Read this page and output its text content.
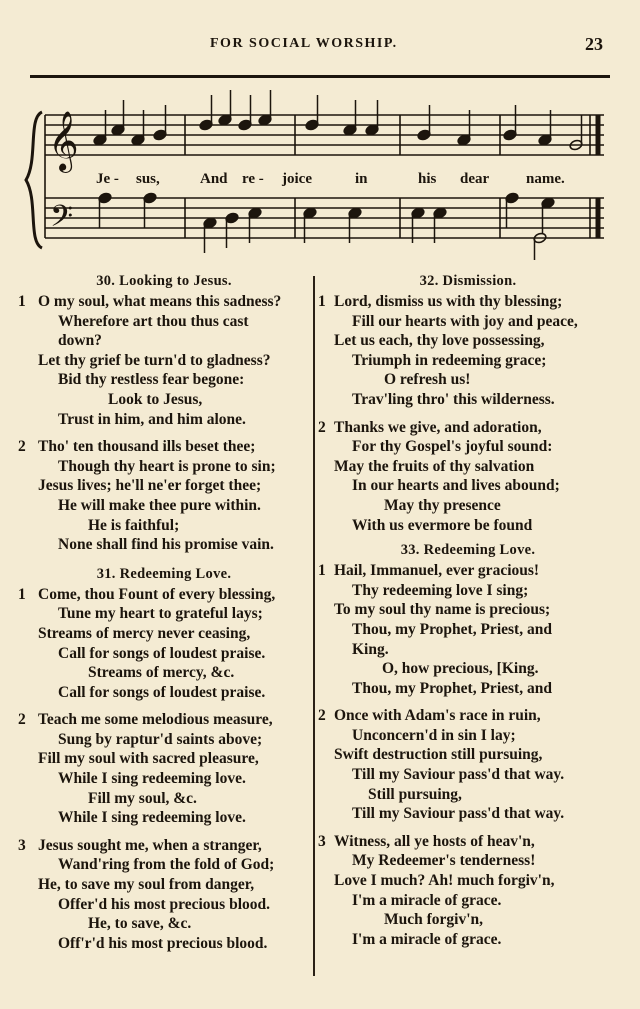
FOR SOCIAL WORSHIP.	23
𝄞
𝄢
Je - sus,	And re - joice	in	his dear name.
30. Looking to Jesus.
1 O my soul, what means this sadness?
Wherefore art thou thus cast
down?
Let thy grief be turn'd to gladness?
Bid thy restless fear begone:
Look to Jesus,
Trust in him, and him alone.
2 Tho' ten thousand ills beset thee;
Though thy heart is prone to sin;
Jesus lives; he'll ne'er forget thee;
He will make thee pure within.
He is faithful;
None shall find his promise vain.
31. Redeeming Love.
1 Come, thou Fount of every blessing,
Tune my heart to grateful lays;
Streams of mercy never ceasing,
Call for songs of loudest praise.
Streams of mercy, &c.
Call for songs of loudest praise.
2 Teach me some melodious measure,
Sung by raptur'd saints above;
Fill my soul with sacred pleasure,
While I sing redeeming love.
Fill my soul, &c.
While I sing redeeming love.
3 Jesus sought me, when a stranger,
Wand'ring from the fold of God;
He, to save my soul from danger,
Offer'd his most precious blood.
He, to save, &c.
Off'r'd his most precious blood.
32. Dismission.
1 Lord, dismiss us with thy blessing;
Fill our hearts with joy and peace,
Let us each, thy love possessing,
Triumph in redeeming grace;
O refresh us!
Trav'ling thro' this wilderness.
2 Thanks we give, and adoration,
For thy Gospel's joyful sound:
May the fruits of thy salvation
In our hearts and lives abound;
May thy presence
With us evermore be found
33. Redeeming Love.
1 Hail, Immanuel, ever gracious!
Thy redeeming love I sing;
To my soul thy name is precious;
Thou, my Prophet, Priest, and
King.
O, how precious, [King.
Thou, my Prophet, Priest, and
2 Once with Adam's race in ruin,
Unconcern'd in sin I lay;
Swift destruction still pursuing,
Till my Saviour pass'd that way.
Still pursuing,
Till my Saviour pass'd that way.
3 Witness, all ye hosts of heav'n,
My Redeemer's tenderness!
Love I much? Ah! much forgiv'n,
I'm a miracle of grace.
Much forgiv'n,
I'm a miracle of grace.
